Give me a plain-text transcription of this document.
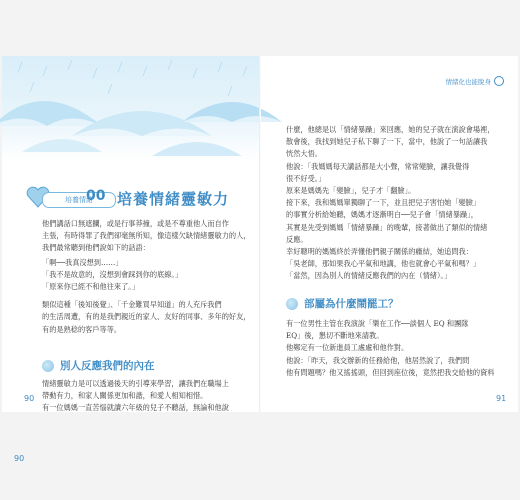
培養情緒
00 培養情緒靈敏力

他們講話口無遮攔，或是行事莽撞，或是不尊重他人而自作

主張，有時得罪了我們卻毫無所知，像這樣欠缺情緒靈敏力的人，

我們最常聽到他們說如下的話語：

「啊──我真沒想到……」

「我不是故意的，沒想到會踩到你的底線。」

「原來你已經不和他往來了。」

類似這種「後知後覺」、「千金難買早知道」的人充斥我們

的生活周遭，有的是我們親近的家人、友好的同事、多年的好友，

有的是熟稔的客戶等等。

別人反應我們的內在

情緒靈敏力是可以透過後天的引導來學習，讓我們在職場上

帶動有力，和家人關係更加和諧，和愛人相知相惜。

有一位媽媽一直苦惱就讀六年級的兒子不聽話，無論和他說

90
情緒化也能脫身

什麼，他總是以「情緒暴躁」來回應，她的兒子就在演說會場裡，

散會後，我找到她兒子私下聊了一下，當中，他說了一句話讓我

恍然大悟。

他說：「我媽媽每天講話都是大小聲，常常變臉，讓我覺得

很不好受。」

原來是媽媽先「變臉」，兒子才「翻臉」。

接下來，我和媽媽單獨聊了一下，並且把兒子害怕她「變臉」

的事實分析給她聽，媽媽才逐漸明白──兒子會「情緒暴躁」，

其實是先受到媽媽「情緒暴躁」的晚輩，接著做出了類似的情緒

反應。

幸好聰明的媽媽終於弄懂他們親子關係的癥結，她追問我：

「吳老師，那如果我心平氣和地講，他也就會心平氣和嗎？」

「當然，因為別人的情緒反應我們的內在（情緒）。」

部屬為什麼鬧罷工？

有一位男性主管在我演說「樂在工作──談個人 EQ 和團隊

EQ」後，懇切不斷地來請教。

他鄭定有一位新進員工處處和他作對。

他說：「昨天，我交辦新的任務給他，他居然說了，我們問

他有問題嗎？他又搖搖頭，但回到座位後，竟然把我交給他的資料

91
90
